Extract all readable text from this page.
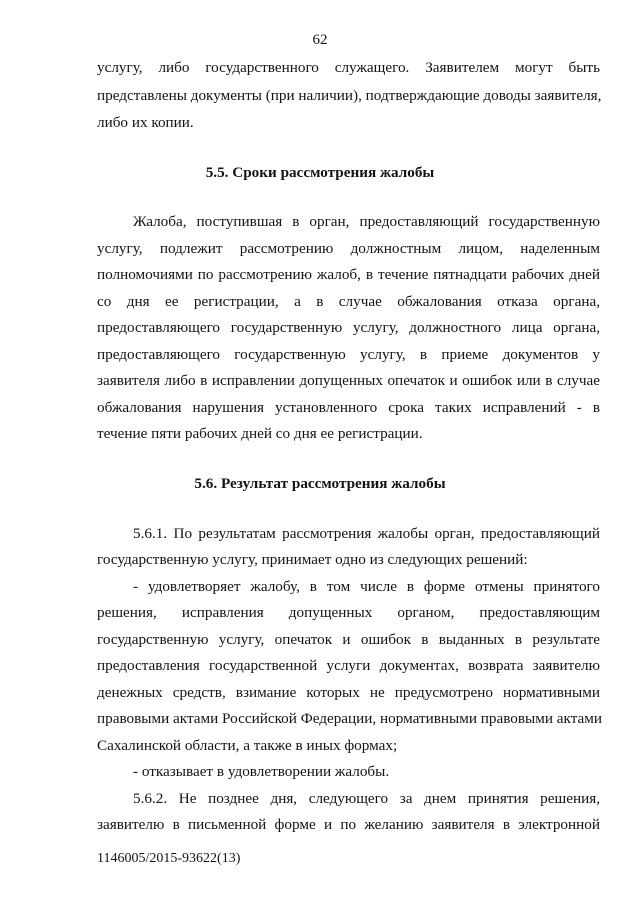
62
услугу, либо государственного служащего. Заявителем могут быть
представлены документы (при наличии), подтверждающие доводы заявителя,
либо их копии.
5.5. Сроки рассмотрения жалобы
Жалоба, поступившая в орган, предоставляющий государственную
услугу, подлежит рассмотрению должностным лицом, наделенным
полномочиями по рассмотрению жалоб, в течение пятнадцати рабочих дней
со дня ее регистрации, а в случае обжалования отказа органа,
предоставляющего государственную услугу, должностного лица органа,
предоставляющего государственную услугу, в приеме документов у
заявителя либо в исправлении допущенных опечаток и ошибок или в случае
обжалования нарушения установленного срока таких исправлений - в
течение пяти рабочих дней со дня ее регистрации.
5.6. Результат рассмотрения жалобы
5.6.1. По результатам рассмотрения жалобы орган, предоставляющий
государственную услугу, принимает одно из следующих решений:
- удовлетворяет жалобу, в том числе в форме отмены принятого
решения, исправления допущенных органом, предоставляющим
государственную услугу, опечаток и ошибок в выданных в результате
предоставления государственной услуги документах, возврата заявителю
денежных средств, взимание которых не предусмотрено нормативными
правовыми актами Российской Федерации, нормативными правовыми актами
Сахалинской области, а также в иных формах;
- отказывает в удовлетворении жалобы.
5.6.2. Не позднее дня, следующего за днем принятия решения,
заявителю в письменной форме и по желанию заявителя в электронной
1146005/2015-93622(13)
